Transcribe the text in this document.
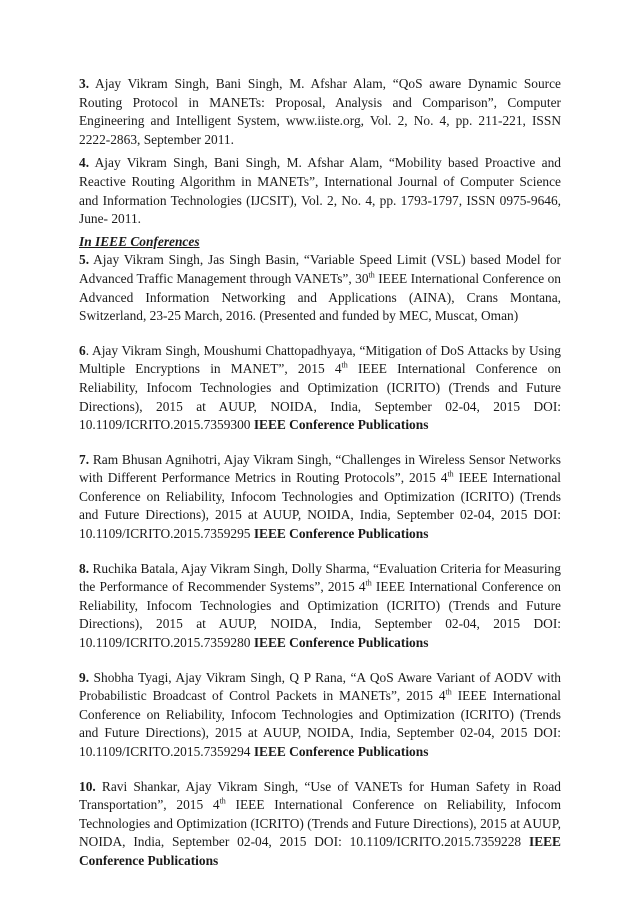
3. Ajay Vikram Singh, Bani Singh, M. Afshar Alam, “QoS aware Dynamic Source Routing Protocol in MANETs: Proposal, Analysis and Comparison”, Computer Engineering and Intelligent System, www.iiste.org, Vol. 2, No. 4, pp. 211-221, ISSN 2222-2863, September 2011.

4. Ajay Vikram Singh, Bani Singh, M. Afshar Alam, “Mobility based Proactive and Reactive Routing Algorithm in MANETs”, International Journal of Computer Science and Information Technologies (IJCSIT), Vol. 2, No. 4, pp. 1793-1797, ISSN 0975-9646, June- 2011.

In IEEE Conferences

5. Ajay Vikram Singh, Jas Singh Basin, “Variable Speed Limit (VSL) based Model for Advanced Traffic Management through VANETs”, 30th IEEE International Conference on Advanced Information Networking and Applications (AINA), Crans Montana, Switzerland, 23-25 March, 2016. (Presented and funded by MEC, Muscat, Oman)

6. Ajay Vikram Singh, Moushumi Chattopadhyaya, “Mitigation of DoS Attacks by Using Multiple Encryptions in MANET”, 2015 4th IEEE International Conference on Reliability, Infocom Technologies and Optimization (ICRITO) (Trends and Future Directions), 2015 at AUUP, NOIDA, India, September 02-04, 2015 DOI: 10.1109/ICRITO.2015.7359300 IEEE Conference Publications

7. Ram Bhusan Agnihotri, Ajay Vikram Singh, “Challenges in Wireless Sensor Networks with Different Performance Metrics in Routing Protocols”, 2015 4th IEEE International Conference on Reliability, Infocom Technologies and Optimization (ICRITO) (Trends and Future Directions), 2015 at AUUP, NOIDA, India, September 02-04, 2015 DOI: 10.1109/ICRITO.2015.7359295 IEEE Conference Publications

8. Ruchika Batala, Ajay Vikram Singh, Dolly Sharma, “Evaluation Criteria for Measuring the Performance of Recommender Systems”, 2015 4th IEEE International Conference on Reliability, Infocom Technologies and Optimization (ICRITO) (Trends and Future Directions), 2015 at AUUP, NOIDA, India, September 02-04, 2015 DOI: 10.1109/ICRITO.2015.7359280 IEEE Conference Publications

9. Shobha Tyagi, Ajay Vikram Singh, Q P Rana, “A QoS Aware Variant of AODV with Probabilistic Broadcast of Control Packets in MANETs”, 2015 4th IEEE International Conference on Reliability, Infocom Technologies and Optimization (ICRITO) (Trends and Future Directions), 2015 at AUUP, NOIDA, India, September 02-04, 2015 DOI: 10.1109/ICRITO.2015.7359294 IEEE Conference Publications

10. Ravi Shankar, Ajay Vikram Singh, “Use of VANETs for Human Safety in Road Transportation”, 2015 4th IEEE International Conference on Reliability, Infocom Technologies and Optimization (ICRITO) (Trends and Future Directions), 2015 at AUUP, NOIDA, India, September 02-04, 2015 DOI: 10.1109/ICRITO.2015.7359228 IEEE Conference Publications
